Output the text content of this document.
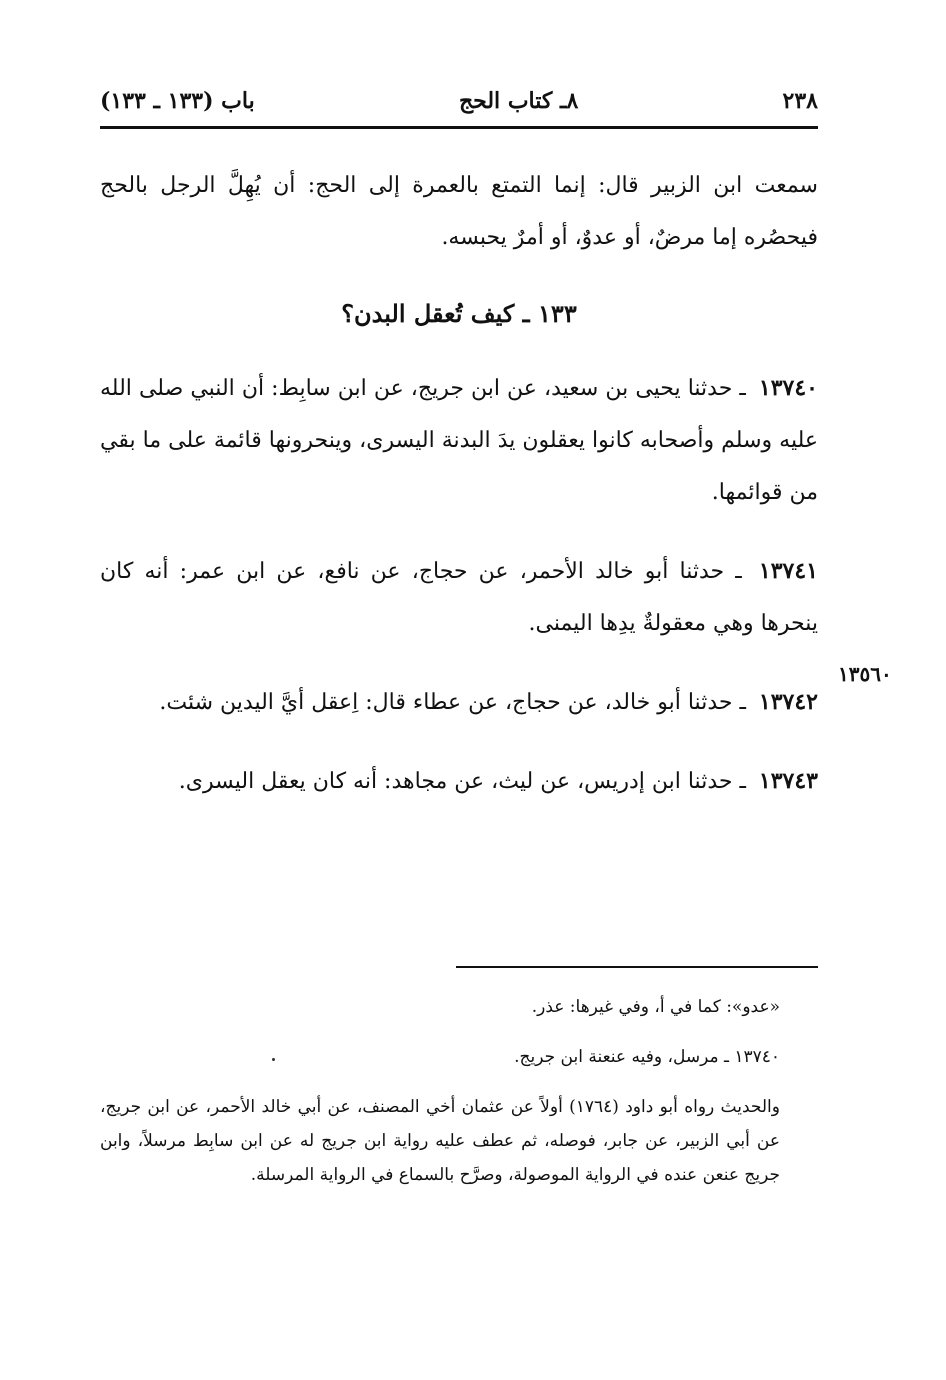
٢٣٨
٨ـ كتاب الحج
باب (١٣٣ ـ ١٣٣)

سمعت ابن الزبير قال: إنما التمتع بالعمرة إلى الحج: أن يُهِلَّ الرجل بالحج فيحصُره إما مرضٌ، أو عدوٌ، أو أمرٌ يحبسه.

١٣٣ ـ كيف تُعقل البدن؟

١٣٧٤٠ ـ حدثنا يحيى بن سعيد، عن ابن جريج، عن ابن سابِط: أن النبي صلى الله عليه وسلم وأصحابه كانوا يعقلون يدَ البدنة اليسرى، وينحرونها قائمة على ما بقي من قوائمها.

١٣٧٤١ ـ حدثنا أبو خالد الأحمر، عن حجاج، عن نافع، عن ابن عمر: أنه كان ينحرها وهي معقولةٌ يدِها اليمنى.

١٣٧٤٢ ـ حدثنا أبو خالد، عن حجاج، عن عطاء قال: اِعقل أيَّ اليدين شئت.

١٣٧٤٣ ـ حدثنا ابن إدريس، عن ليث، عن مجاهد: أنه كان يعقل اليسرى.

١٣٥٦٠

«عدو»: كما في أ، وفي غيرها: عذر.

١٣٧٤٠ ـ مرسل، وفيه عنعنة ابن جريج.

والحديث رواه أبو داود (١٧٦٤) أولاً عن عثمان أخي المصنف، عن أبي خالد الأحمر، عن ابن جريج، عن أبي الزبير، عن جابر، فوصله، ثم عطف عليه رواية ابن جريج له عن ابن سابِط مرسلاً، وابن جريج عنعن عنده في الرواية الموصولة، وصرَّح بالسماع في الرواية المرسلة.
